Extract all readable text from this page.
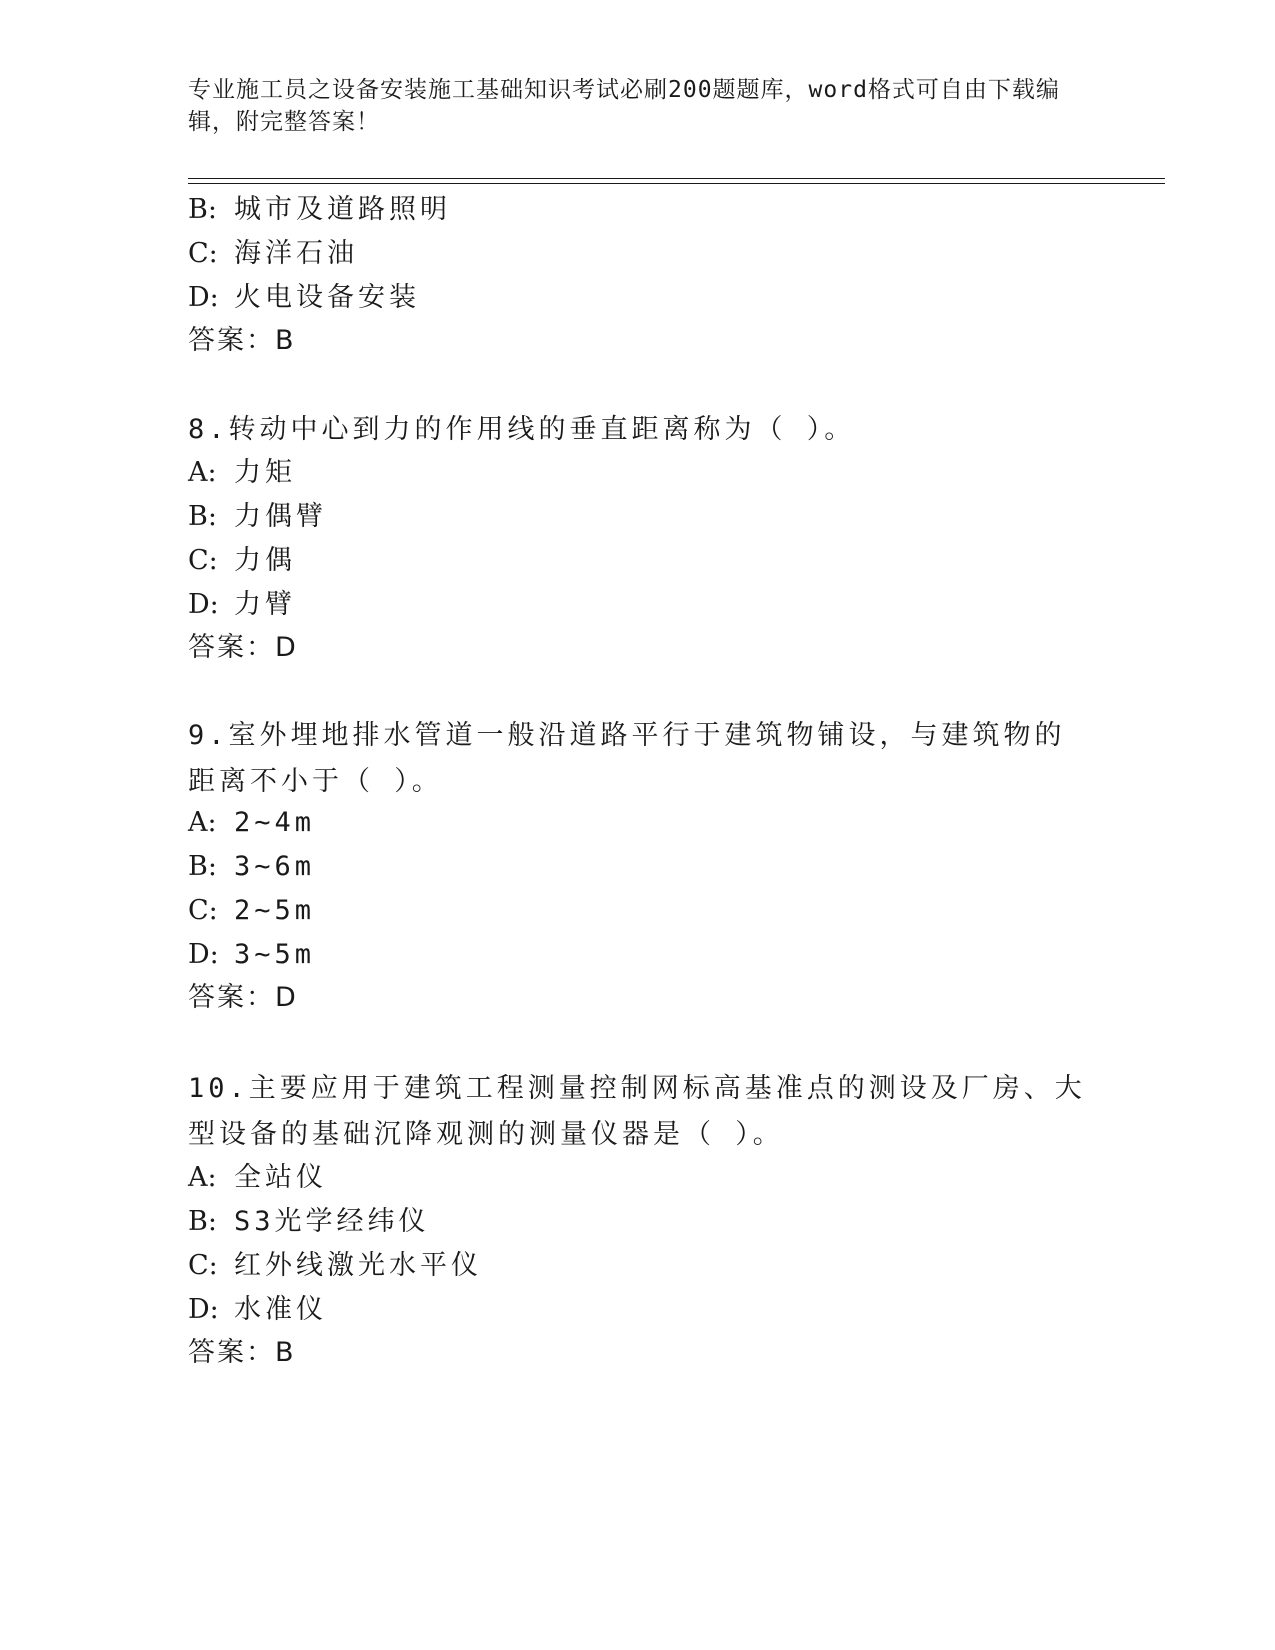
专业施工员之设备安装施工基础知识考试必刷200题题库，word格式可自由下载编辑，附完整答案！
B: 城市及道路照明
C: 海洋石油
D: 火电设备安装
答案：B
8.转动中心到力的作用线的垂直距离称为（ ）。
A: 力矩
B: 力偶臂
C: 力偶
D: 力臂
答案：D
9.室外埋地排水管道一般沿道路平行于建筑物铺设，与建筑物的距离不小于（ ）。
A: 2~4m
B: 3~6m
C: 2~5m
D: 3~5m
答案：D
10.主要应用于建筑工程测量控制网标高基准点的测设及厂房、大型设备的基础沉降观测的测量仪器是（ ）。
A: 全站仪
B: S3光学经纬仪
C: 红外线激光水平仪
D: 水准仪
答案：B
